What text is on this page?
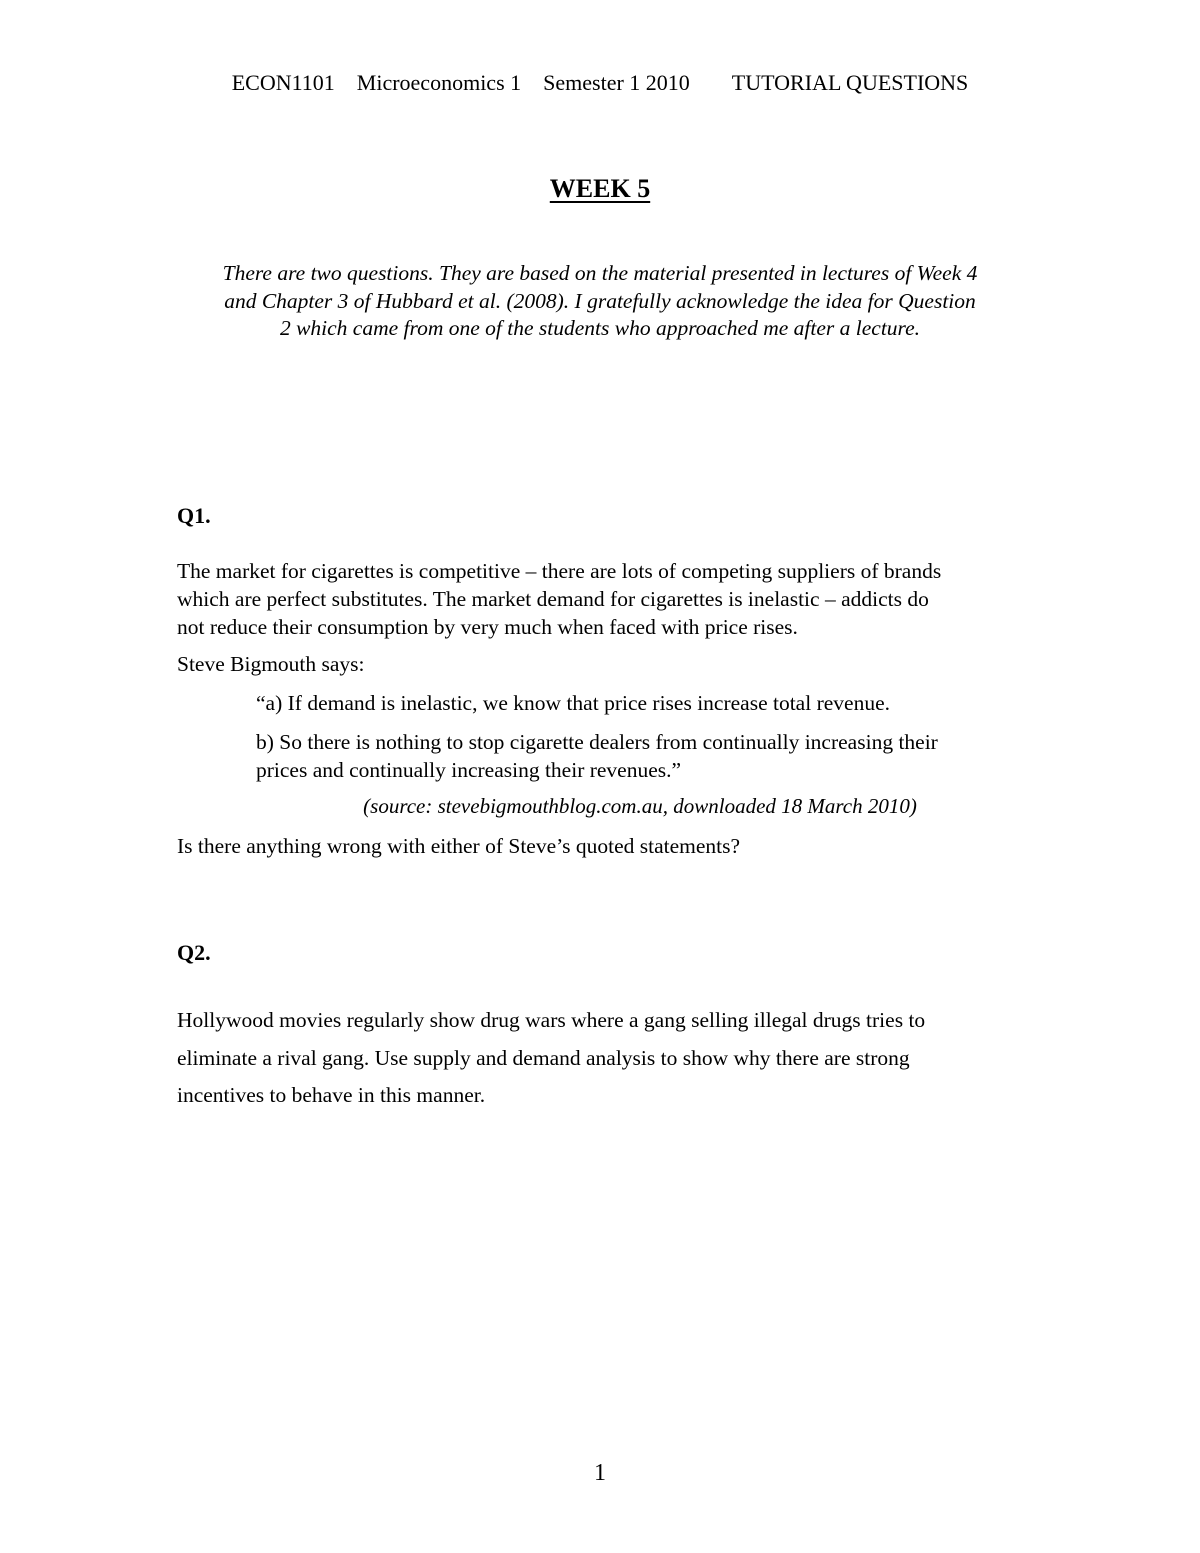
ECON1101 Microeconomics 1 Semester 1 2010 TUTORIAL QUESTIONS
WEEK 5
There are two questions. They are based on the material presented in lectures of Week 4
and Chapter 3 of Hubbard et al. (2008). I gratefully acknowledge the idea for Question
2 which came from one of the students who approached me after a lecture.
Q1.
The market for cigarettes is competitive – there are lots of competing suppliers of brands
which are perfect substitutes. The market demand for cigarettes is inelastic – addicts do
not reduce their consumption by very much when faced with price rises.
Steve Bigmouth says:
“a) If demand is inelastic, we know that price rises increase total revenue.
b) So there is nothing to stop cigarette dealers from continually increasing their
prices and continually increasing their revenues.”
(source: stevebigmouthblog.com.au, downloaded 18 March 2010)
Is there anything wrong with either of Steve’s quoted statements?
Q2.
Hollywood movies regularly show drug wars where a gang selling illegal drugs tries to
eliminate a rival gang. Use supply and demand analysis to show why there are strong
incentives to behave in this manner.
1
